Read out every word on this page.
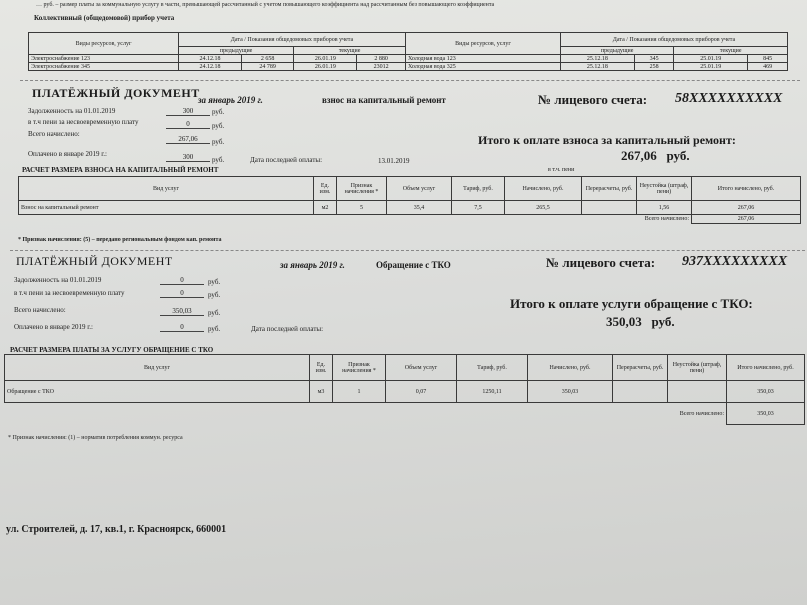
… руб. – размер платы за коммунальную услугу в части, превышающей рассчитанный с учетом повышающего коэффициента над рассчитанным без повышающего коэффициента
Коллективный (общедомовой) прибор учета
Виды ресурсов, услуг	Дата / Показания общедомовых приборов учета				Виды ресурсов, услуг	Дата / Показания общедомовых приборов учета			
	предыдущие		текущие			предыдущие		текущие	
Электроснабжение 123	24.12.18	2 658	26.01.19	2 880	Холодная вода 123	25.12.18	345	25.01.19	845
Электроснабжение 345	24.12.18	24 789	26.01.19	23012	Холодная вода 325	25.12.18	258	25.01.19	469
ПЛАТЁЖНЫЙ ДОКУМЕНТ
за январь 2019 г.	взнос на капитальный ремонт	№ лицевого счета: 58XXXXXXXXXX
Задолженность на 01.01.2019	300	руб.
в т.ч пени за несвоевременную плату	0	руб.
Всего начислено:
267,06	руб.
Оплачено в январе 2019 г.:	300	руб.	Дата последней оплаты:	13.01.2019
Итого к оплате взноса за капитальный ремонт:
267,06 руб.
РАСЧЕТ РАЗМЕРА ВЗНОСА НА КАПИТАЛЬНЫЙ РЕМОНТ	в т.ч. пени
Вид услуг	Ед. изм.	Признак начисления *	Объем услуг	Тариф, руб.	Начислено, руб.	Перерасчеты, руб.	Неустойка (штраф, пени)	Итого начислено, руб.
Взнос на капитальный ремонт	м2	5	35,4	7,5	265,5		1,56	267,06
Всего начислено:								267,06
* Признак начисления: (5) – передано региональным фондом кап. ремонта
ПЛАТЁЖНЫЙ ДОКУМЕНТ	за январь 2019 г.	Обращение с ТКО	№ лицевого счета: 937XXXXXXXXX
Задолженность на 01.01.2019	0	руб.
в т.ч пени за несвоевременную плату	0	руб.
Всего начислено:	350,03	руб.
Оплачено в январе 2019 г.:	0	руб.	Дата последней оплаты:
Итого к оплате услуги обращение с ТКО:
350,03 руб.
РАСЧЕТ РАЗМЕРА ПЛАТЫ ЗА УСЛУГУ ОБРАЩЕНИЕ С ТКО
Вид услуг	Ед. изм.	Признак начисления *	Объем услуг	Тариф, руб.	Начислено, руб.	Перерасчеты, руб.	Неустойка (штраф, пени)	Итого начислено, руб.
Обращение с ТКО	м3	1	0,07	1250,11	350,03			350,03
Всего начислено:								350,03
* Признак начисления: (1) – норматив потребления коммун. ресурса
ул. Строителей, д. 17, кв.1, г. Красноярск, 660001
